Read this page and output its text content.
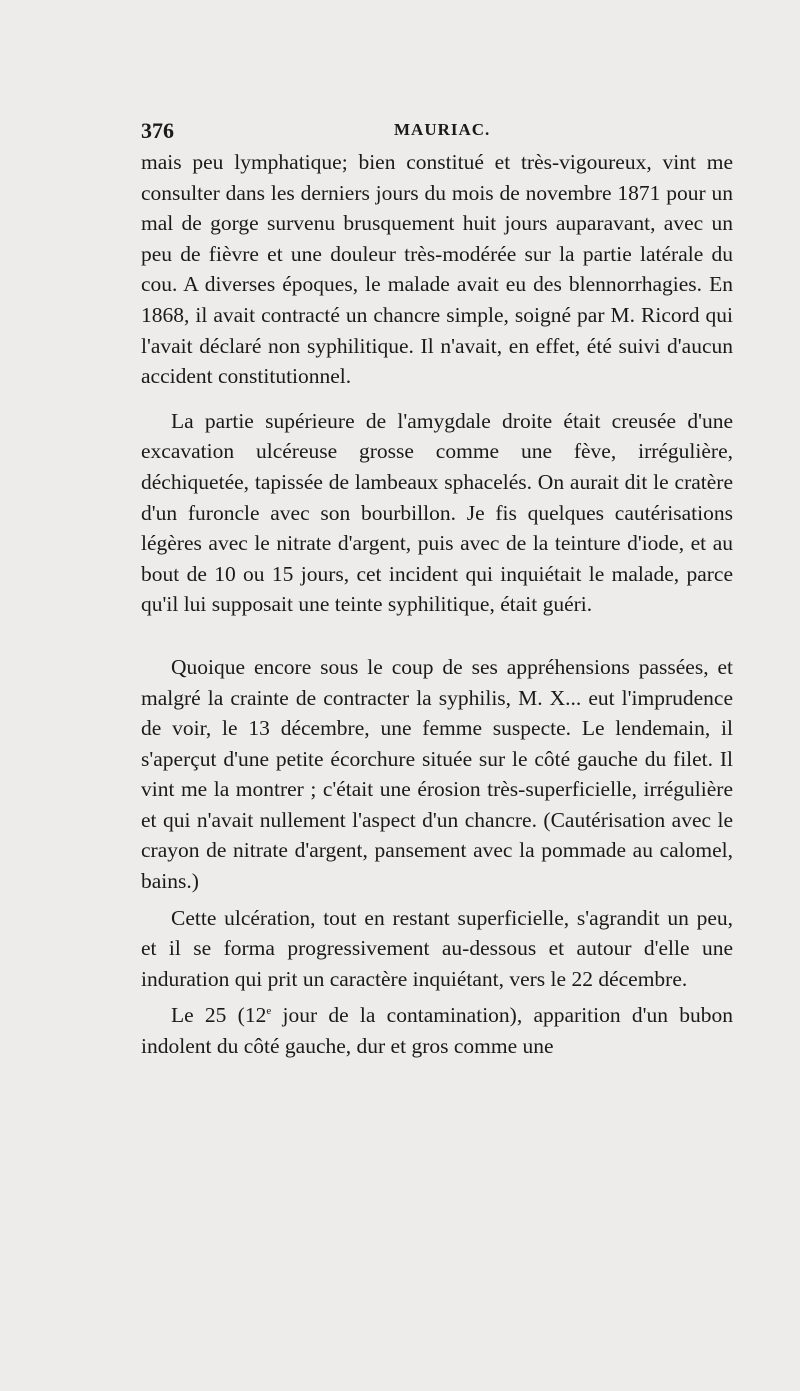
376	MAURIAC.

mais peu lymphatique; bien constitué et très-vigoureux, vint me consulter dans les derniers jours du mois de novembre 1871 pour un mal de gorge survenu brusquement huit jours auparavant, avec un peu de fièvre et une douleur très-modérée sur la partie latérale du cou. A diverses époques, le malade avait eu des blennorrhagies. En 1868, il avait contracté un chancre simple, soigné par M. Ricord qui l'avait déclaré non syphilitique. Il n'avait, en effet, été suivi d'aucun accident constitutionnel.

La partie supérieure de l'amygdale droite était creusée d'une excavation ulcéreuse grosse comme une fève, irrégulière, déchiquetée, tapissée de lambeaux sphacelés. On aurait dit le cratère d'un furoncle avec son bourbillon. Je fis quelques cautérisations légères avec le nitrate d'argent, puis avec de la teinture d'iode, et au bout de 10 ou 15 jours, cet incident qui inquiétait le malade, parce qu'il lui supposait une teinte syphilitique, était guéri.

Quoique encore sous le coup de ses appréhensions passées, et malgré la crainte de contracter la syphilis, M. X... eut l'imprudence de voir, le 13 décembre, une femme suspecte. Le lendemain, il s'aperçut d'une petite écorchure située sur le côté gauche du filet. Il vint me la montrer ; c'était une érosion très-superficielle, irrégulière et qui n'avait nullement l'aspect d'un chancre. (Cautérisation avec le crayon de nitrate d'argent, pansement avec la pommade au calomel, bains.)

Cette ulcération, tout en restant superficielle, s'agrandit un peu, et il se forma progressivement au-dessous et autour d'elle une induration qui prit un caractère inquiétant, vers le 22 décembre.

Le 25 (12e jour de la contamination), apparition d'un bubon indolent du côté gauche, dur et gros comme une
